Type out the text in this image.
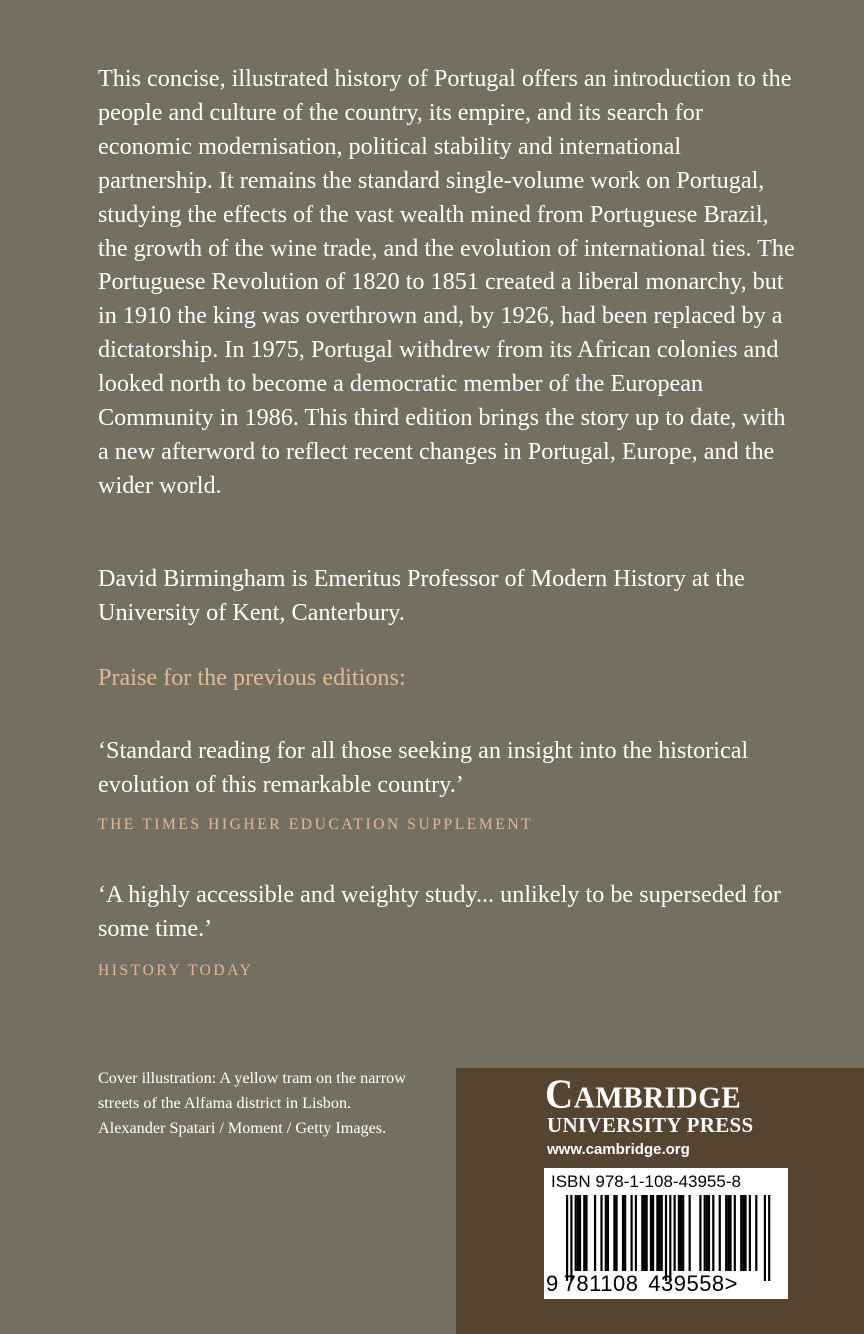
This concise, illustrated history of Portugal offers an introduction to the people and culture of the country, its empire, and its search for economic modernisation, political stability and international partnership. It remains the standard single-volume work on Portugal, studying the effects of the vast wealth mined from Portuguese Brazil, the growth of the wine trade, and the evolution of international ties. The Portuguese Revolution of 1820 to 1851 created a liberal monarchy, but in 1910 the king was overthrown and, by 1926, had been replaced by a dictatorship. In 1975, Portugal withdrew from its African colonies and looked north to become a democratic member of the European Community in 1986. This third edition brings the story up to date, with a new afterword to reflect recent changes in Portugal, Europe, and the wider world.

David Birmingham is Emeritus Professor of Modern History at the University of Kent, Canterbury.

Praise for the previous editions:

‘Standard reading for all those seeking an insight into the historical evolution of this remarkable country.’

THE TIMES HIGHER EDUCATION SUPPLEMENT

‘A highly accessible and weighty study... unlikely to be superseded for some time.’

HISTORY TODAY

Cover illustration: A yellow tram on the narrow streets of the Alfama district in Lisbon. Alexander Spatari / Moment / Getty Images.

CAMBRIDGE
UNIVERSITY PRESS
www.cambridge.org
ISBN 978-1-108-43955-8
9  781108   439558>
